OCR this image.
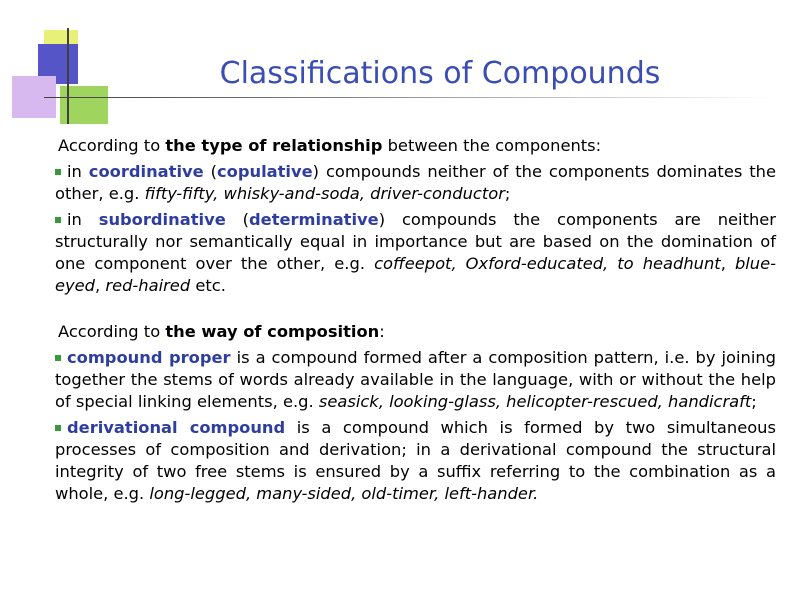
Classifications of Compounds

According to the type of relationship between the components:

in coordinative (copulative) compounds neither of the components dominates the other, e.g. fifty-fifty, whisky-and-soda, driver-conductor;

in subordinative (determinative) compounds the components are neither structurally nor semantically equal in importance but are based on the domination of one component over the other, e.g. coffeepot, Oxford-educated, to headhunt, blue-eyed, red-haired etc.

According to the way of composition:

compound proper is a compound formed after a composition pattern, i.e. by joining together the stems of words already available in the language, with or without the help of special linking elements, e.g. seasick, looking-glass, helicopter-rescued, handicraft;

derivational compound is a compound which is formed by two simultaneous processes of composition and derivation; in a derivational compound the structural integrity of two free stems is ensured by a suffix referring to the combination as a whole, e.g. long-legged, many-sided, old-timer, left-hander.
